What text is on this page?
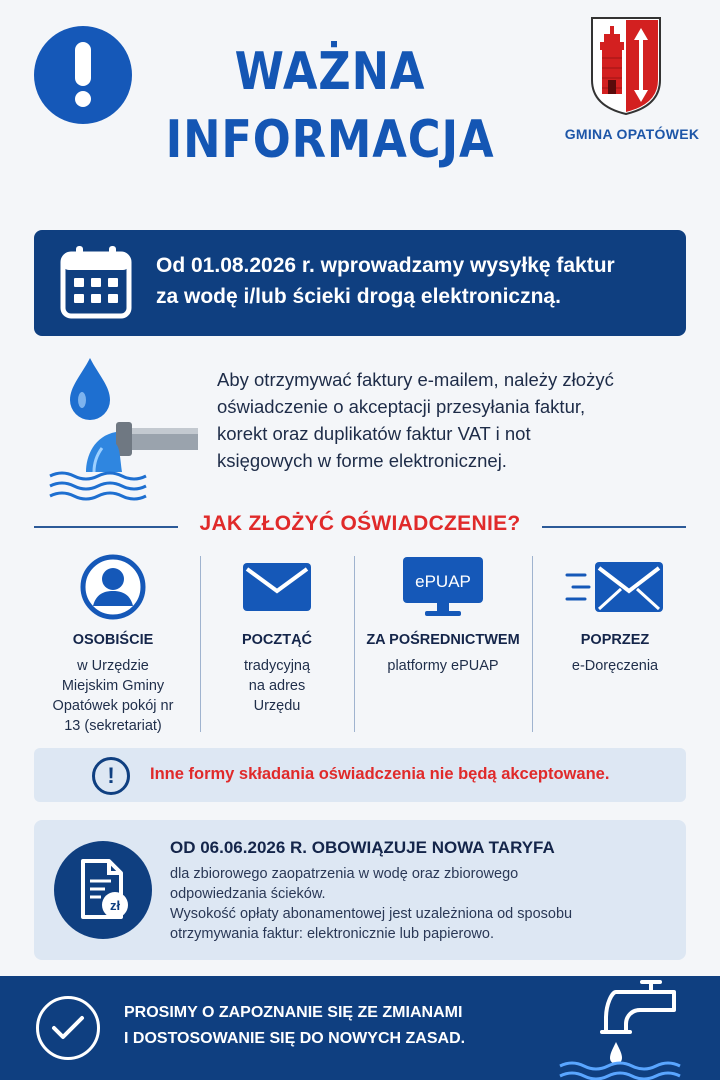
WAŻNA
INFORMACJA	GMINA OPATÓWEK
Od 01.08.2026 r. wprowadzamy wysyłkę faktur
za wodę i/lub ścieki drogą elektroniczną.
Aby otrzymywać faktury e-mailem, należy złożyć
oświadczenie o akceptacji przesyłania faktur,
korekt oraz duplikatów faktur VAT i not
księgowych w forme elektronicznej.
JAK ZŁOŻYĆ OŚWIADCZENIE?
OSOBIŚCIE
w Urzędzie
Miejskim Gminy
Opatówek pokój nr
13 (sekretariat)
POCZTĄĆ
tradycyjną
na adres
Urzędu
ePUAP
ZA POŚREDNICTWEM
platformy ePUAP
POPRZEZ
e-Doręczenia
!	Inne formy składania oświadczenia nie będą akceptowane.
zł
OD 06.06.2026 R. OBOWIĄZUJE NOWA TARYFA
dla zbiorowego zaopatrzenia w wodę oraz zbiorowego
odpowiedzania ścieków.
Wysokość opłaty abonamentowej jest uzależniona od sposobu
otrzymywania faktur: elektronicznie lub papierowo.
PROSIMY O ZAPOZNANIE SIĘ ZE ZMIANAMI
I DOSTOSOWANIE SIĘ DO NOWYCH ZASAD.
